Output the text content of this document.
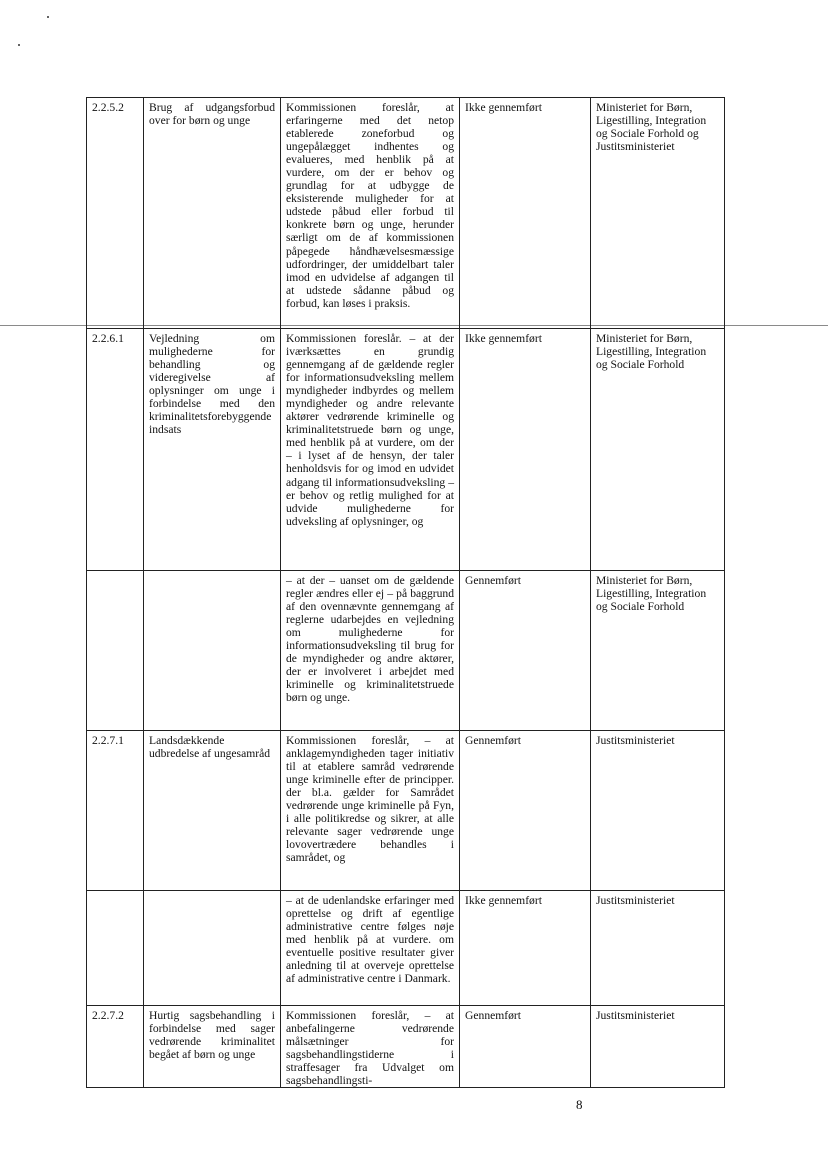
2.2.5.2	Brug af udgangsforbud over for børn og unge	Kommissionen foreslår, at erfaringerne med det netop etablerede zoneforbud og ungepålægget indhentes og evalueres, med henblik på at vurdere, om der er behov og grundlag for at udbygge de eksisterende muligheder for at udstede påbud eller forbud til konkrete børn og unge, herunder særligt om de af kommissionen påpegede håndhævelsesmæssige udfordringer, der umiddelbart taler imod en udvidelse af adgangen til at udstede sådanne påbud og forbud, kan løses i praksis.	Ikke gennemført	Ministeriet for Børn, Ligestilling, Integration og Sociale Forhold og Justitsministeriet
2.2.6.1	Vejledning om mulighederne for behandling og videregivelse af oplysninger om unge i forbindelse med den kriminalitetsforebyggende indsats	Kommissionen foreslår. – at der iværksættes en grundig gennemgang af de gældende regler for informationsudveksling mellem myndigheder indbyrdes og mellem myndigheder og andre relevante aktører vedrørende kriminelle og kriminalitetstruede børn og unge, med henblik på at vurdere, om der – i lyset af de hensyn, der taler henholdsvis for og imod en udvidet adgang til informationsudveksling – er behov og retlig mulighed for at udvide mulighederne for udveksling af oplysninger, og	Ikke gennemført	Ministeriet for Børn, Ligestilling, Integration og Sociale Forhold
		– at der – uanset om de gældende regler ændres eller ej – på baggrund af den ovennævnte gennemgang af reglerne udarbejdes en vejledning om mulighederne for informationsudveksling til brug for de myndigheder og andre aktører, der er involveret i arbejdet med kriminelle og kriminalitetstruede børn og unge.	Gennemført	Ministeriet for Børn, Ligestilling, Integration og Sociale Forhold
2.2.7.1	Landsdækkende udbredelse af ungesamråd	Kommissionen foreslår, – at anklagemyndigheden tager initiativ til at etablere samråd vedrørende unge kriminelle efter de principper. der bl.a. gælder for Samrådet vedrørende unge kriminelle på Fyn, i alle politikredse og sikrer, at alle relevante sager vedrørende unge lovovertrædere behandles i samrådet, og	Gennemført	Justitsministeriet
		– at de udenlandske erfaringer med oprettelse og drift af egentlige administrative centre følges nøje med henblik på at vurdere. om eventuelle positive resultater giver anledning til at overveje oprettelse af administrative centre i Danmark.	Ikke gennemført	Justitsministeriet
2.2.7.2	Hurtig sagsbehandling i forbindelse med sager vedrørende kriminalitet begået af børn og unge	Kommissionen foreslår, – at anbefalingerne vedrørende målsætninger for sagsbehandlingstiderne i straffesager fra Udvalget om sagsbehandlingsti-	Gennemført	Justitsministeriet
8
